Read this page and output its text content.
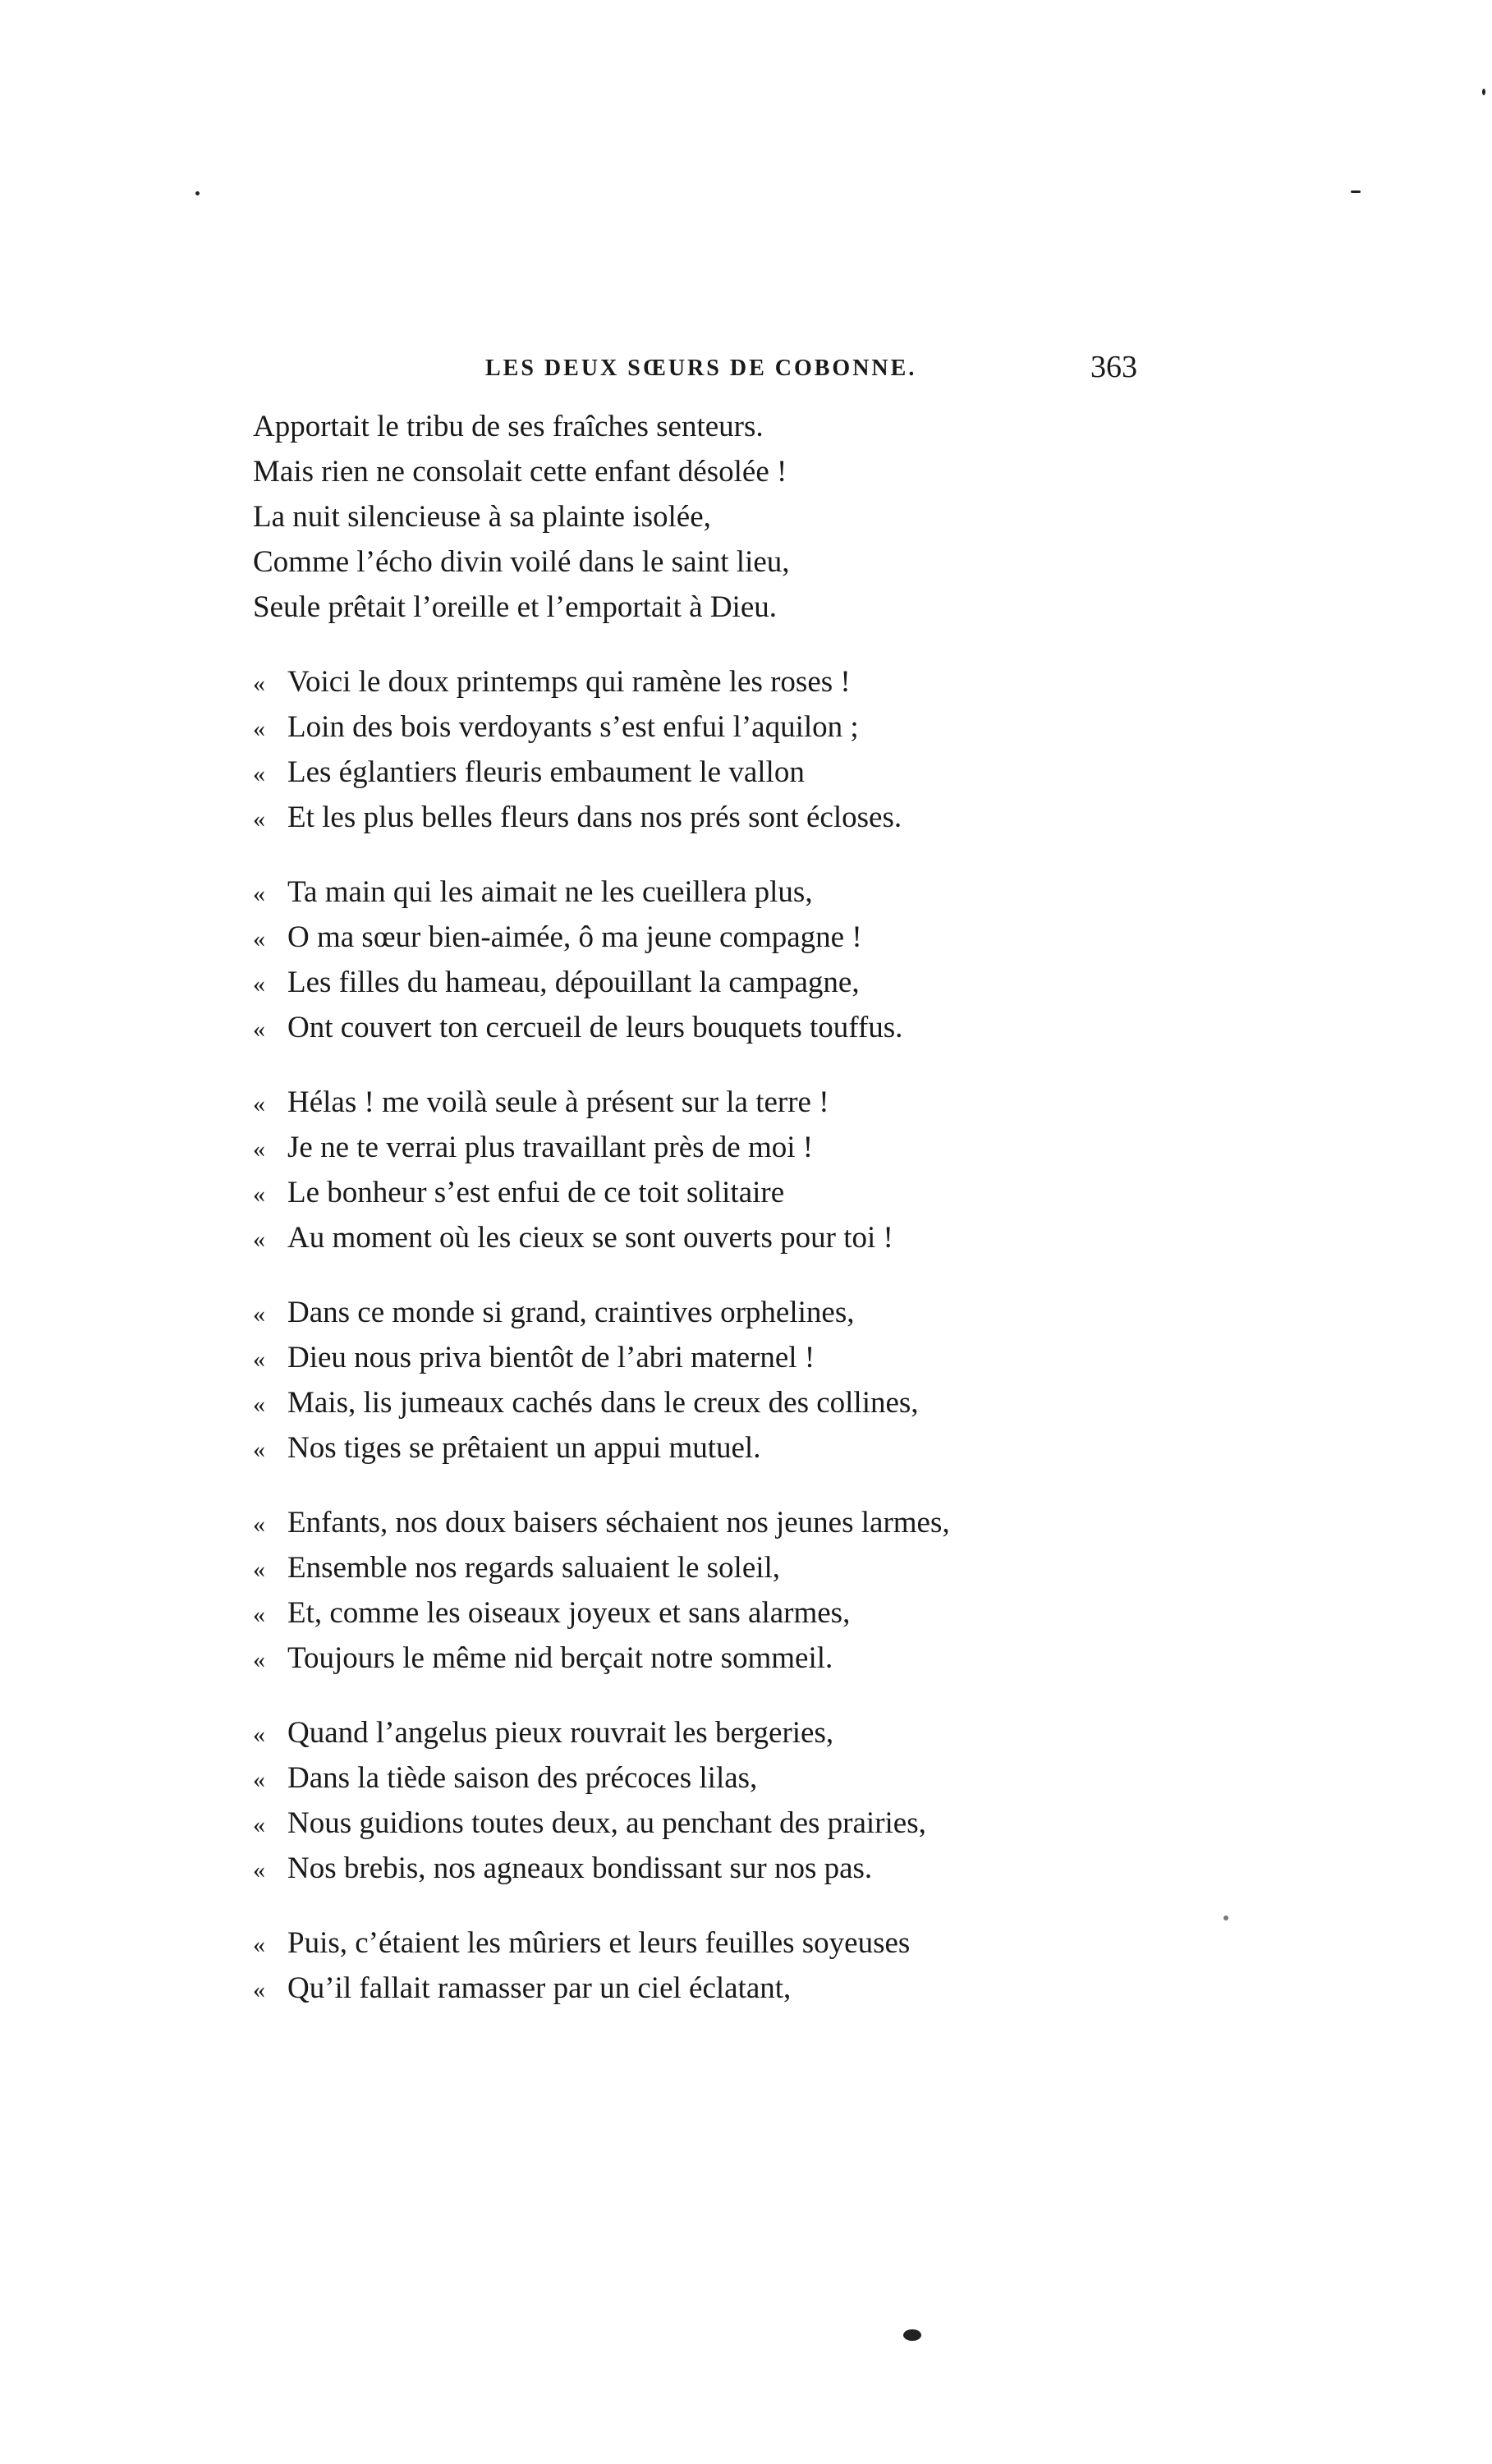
LES DEUX SŒURS DE COBONNE.	363
Apportait le tribu de ses fraîches senteurs.
Mais rien ne consolait cette enfant désolée !
La nuit silencieuse à sa plainte isolée,
Comme l’écho divin voilé dans le saint lieu,
Seule prêtait l’oreille et l’emportait à Dieu.
« Voici le doux printemps qui ramène les roses !
« Loin des bois verdoyants s’est enfui l’aquilon ;
« Les églantiers fleuris embaument le vallon
« Et les plus belles fleurs dans nos prés sont écloses.
« Ta main qui les aimait ne les cueillera plus,
« O ma sœur bien-aimée, ô ma jeune compagne !
« Les filles du hameau, dépouillant la campagne,
« Ont couvert ton cercueil de leurs bouquets touffus.
« Hélas ! me voilà seule à présent sur la terre !
« Je ne te verrai plus travaillant près de moi !
« Le bonheur s’est enfui de ce toit solitaire
« Au moment où les cieux se sont ouverts pour toi !
« Dans ce monde si grand, craintives orphelines,
« Dieu nous priva bientôt de l’abri maternel !
« Mais, lis jumeaux cachés dans le creux des collines,
« Nos tiges se prêtaient un appui mutuel.
« Enfants, nos doux baisers séchaient nos jeunes larmes,
« Ensemble nos regards saluaient le soleil,
« Et, comme les oiseaux joyeux et sans alarmes,
« Toujours le même nid berçait notre sommeil.
« Quand l’angelus pieux rouvrait les bergeries,
« Dans la tiède saison des précoces lilas,
« Nous guidions toutes deux, au penchant des prairies,
« Nos brebis, nos agneaux bondissant sur nos pas.
« Puis, c’étaient les mûriers et leurs feuilles soyeuses
« Qu’il fallait ramasser par un ciel éclatant,
